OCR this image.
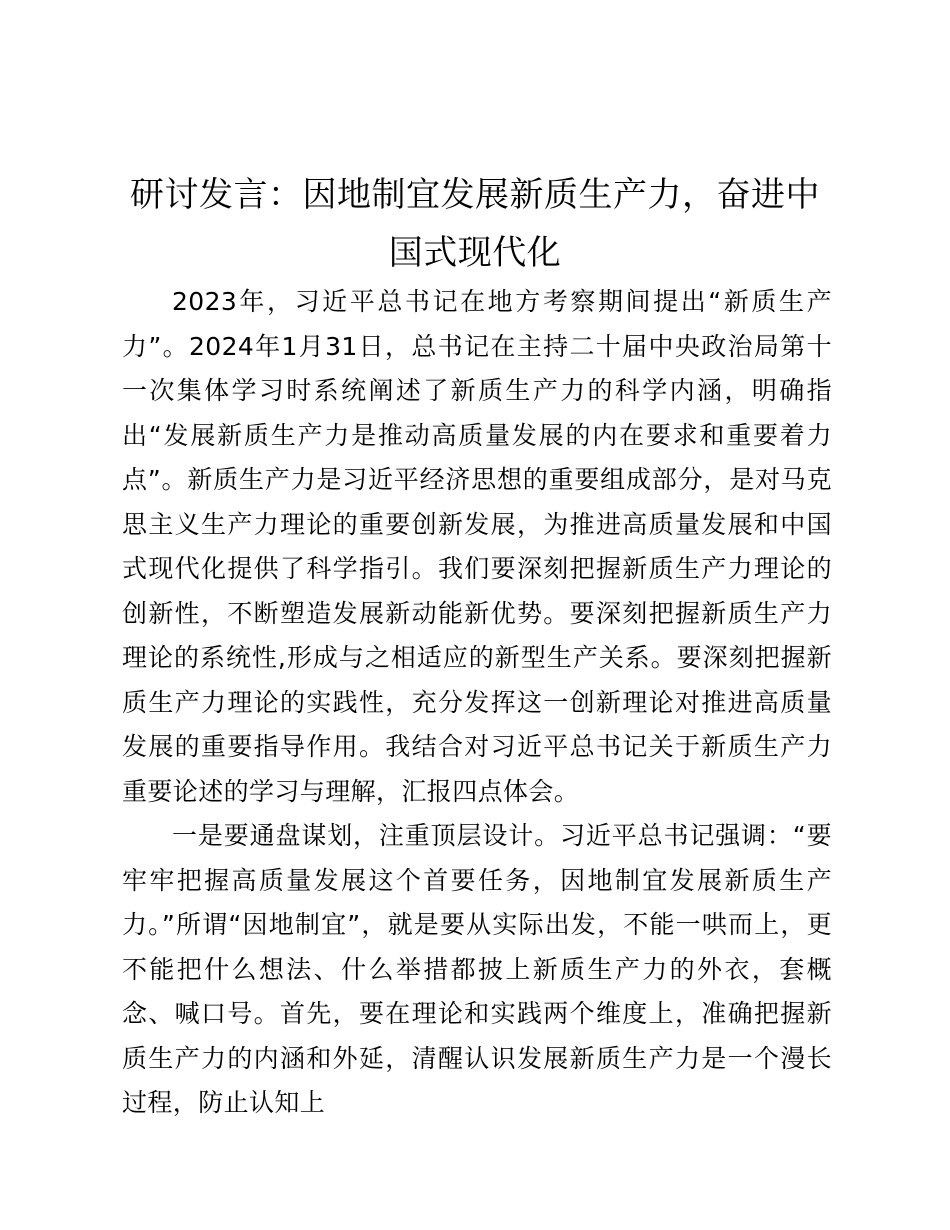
研讨发言：因地制宜发展新质生产力，奋进中国式现代化

2023年，习近平总书记在地方考察期间提出“新质生产力”。2024年1月31日，总书记在主持二十届中央政治局第十一次集体学习时系统阐述了新质生产力的科学内涵，明确指出“发展新质生产力是推动高质量发展的内在要求和重要着力点”。新质生产力是习近平经济思想的重要组成部分，是对马克思主义生产力理论的重要创新发展，为推进高质量发展和中国式现代化提供了科学指引。我们要深刻把握新质生产力理论的创新性，不断塑造发展新动能新优势。要深刻把握新质生产力理论的系统性,形成与之相适应的新型生产关系。要深刻把握新质生产力理论的实践性，充分发挥这一创新理论对推进高质量发展的重要指导作用。我结合对习近平总书记关于新质生产力重要论述的学习与理解，汇报四点体会。

一是要通盘谋划，注重顶层设计。习近平总书记强调：“要牢牢把握高质量发展这个首要任务，因地制宜发展新质生产力。”所谓“因地制宜”，就是要从实际出发，不能一哄而上，更不能把什么想法、什么举措都披上新质生产力的外衣，套概念、喊口号。首先，要在理论和实践两个维度上，准确把握新质生产力的内涵和外延，清醒认识发展新质生产力是一个漫长过程，防止认知上
